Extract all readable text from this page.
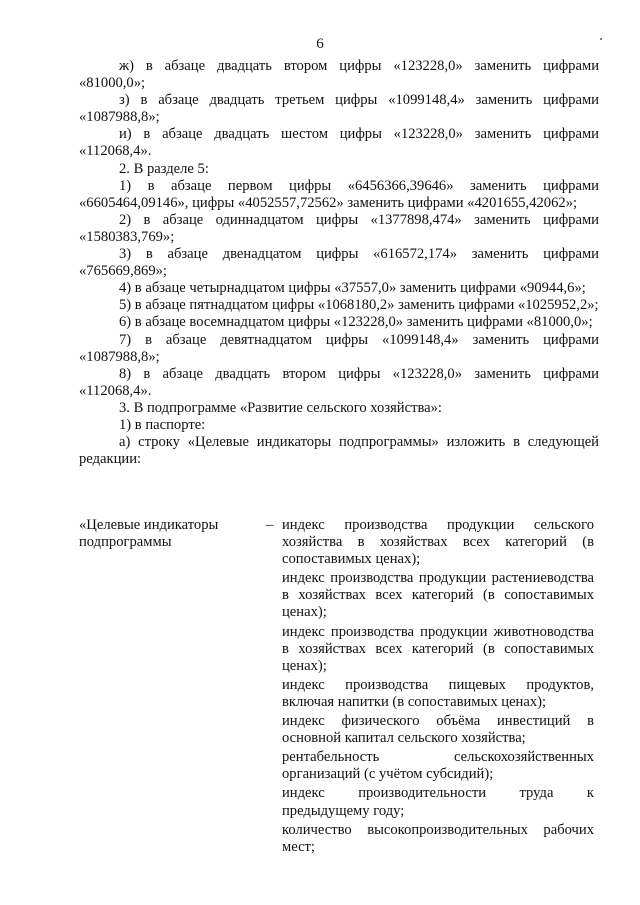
6

ж) в абзаце двадцать втором цифры «123228,0» заменить цифрами «81000,0»;

з) в абзаце двадцать третьем цифры «1099148,4» заменить цифрами «1087988,8»;

и) в абзаце двадцать шестом цифры «123228,0» заменить цифрами «112068,4».

2. В разделе 5:

1) в абзаце первом цифры «6456366,39646» заменить цифрами «6605464,09146», цифры «4052557,72562» заменить цифрами «4201655,42062»;

2) в абзаце одиннадцатом цифры «1377898,474» заменить цифрами «1580383,769»;

3) в абзаце двенадцатом цифры «616572,174» заменить цифрами «765669,869»;

4) в абзаце четырнадцатом цифры «37557,0» заменить цифрами «90944,6»;

5) в абзаце пятнадцатом цифры «1068180,2» заменить цифрами «1025952,2»;

6) в абзаце восемнадцатом цифры «123228,0» заменить цифрами «81000,0»;

7) в абзаце девятнадцатом цифры «1099148,4» заменить цифрами «1087988,8»;

8) в абзаце двадцать втором цифры «123228,0» заменить цифрами «112068,4».

3. В подпрограмме «Развитие сельского хозяйства»:

1) в паспорте:

а) строку «Целевые индикаторы подпрограммы» изложить в следующей редакции:

«Целевые индикаторы подпрограммы
– индекс производства продукции сельского хозяйства в хозяйствах всех категорий (в сопоставимых ценах);
индекс производства продукции растениеводства в хозяйствах всех категорий (в сопоставимых ценах);
индекс производства продукции животноводства в хозяйствах всех категорий (в сопоставимых ценах);
индекс производства пищевых продуктов, включая напитки (в сопоставимых ценах);
индекс физического объёма инвестиций в основной капитал сельского хозяйства;
рентабельность сельскохозяйственных организаций (с учётом субсидий);
индекс производительности труда к предыдущему году;
количество высокопроизводительных рабочих мест;
